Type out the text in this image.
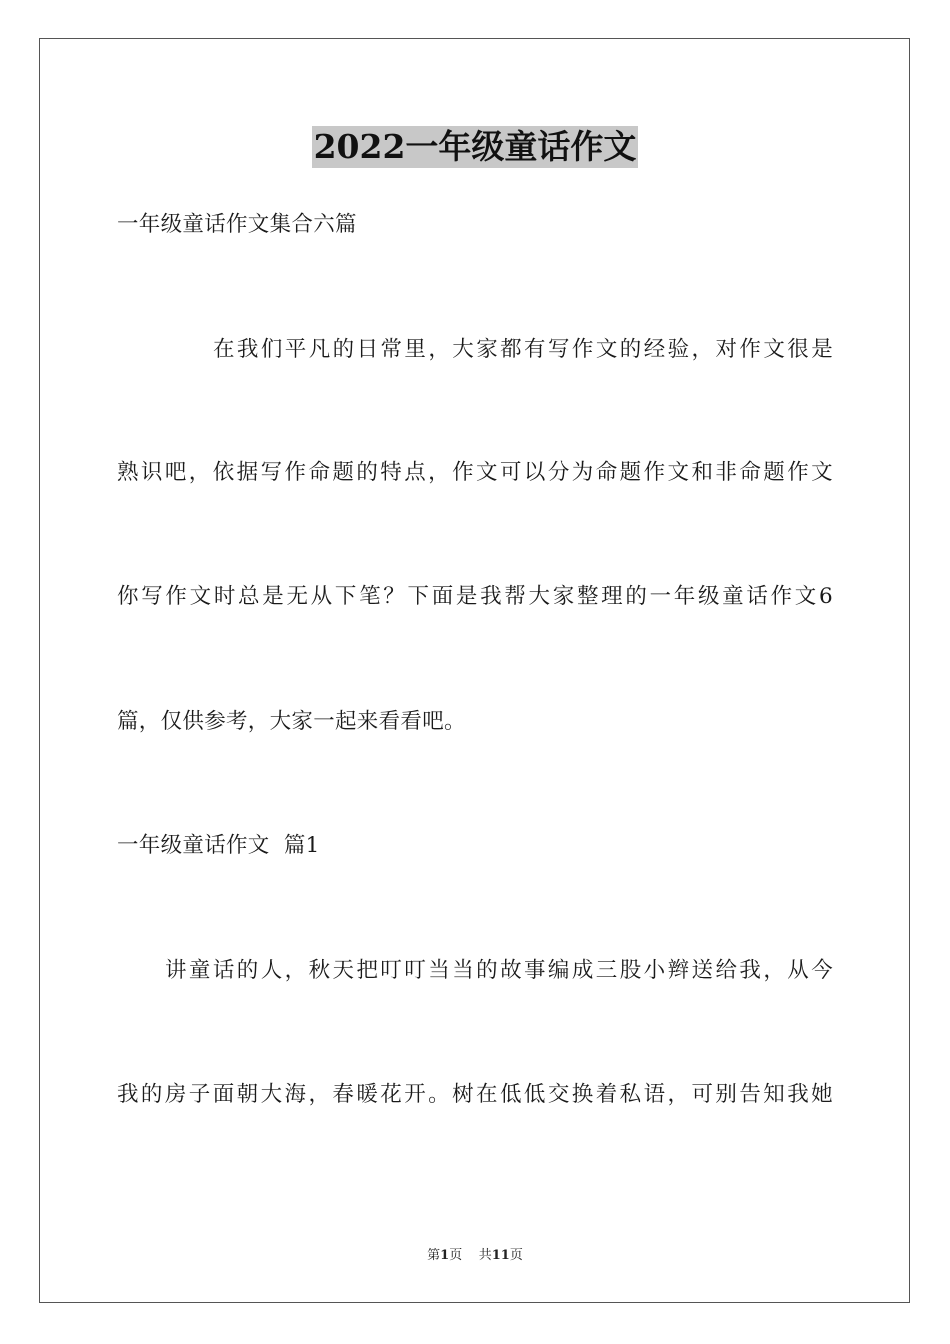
2022一年级童话作文
一年级童话作文集合六篇
在我们平凡的日常里，大家都有写作文的经验，对作文很是
熟识吧，依据写作命题的特点，作文可以分为命题作文和非命题作文
你写作文时总是无从下笔？下面是我帮大家整理的一年级童话作文6
篇，仅供参考，大家一起来看看吧。
一年级童话作文  篇1
讲童话的人，秋天把叮叮当当的故事编成三股小辫送给我，从今
我的房子面朝大海，春暖花开。树在低低交换着私语，可别告知我她
第1页 共11页
